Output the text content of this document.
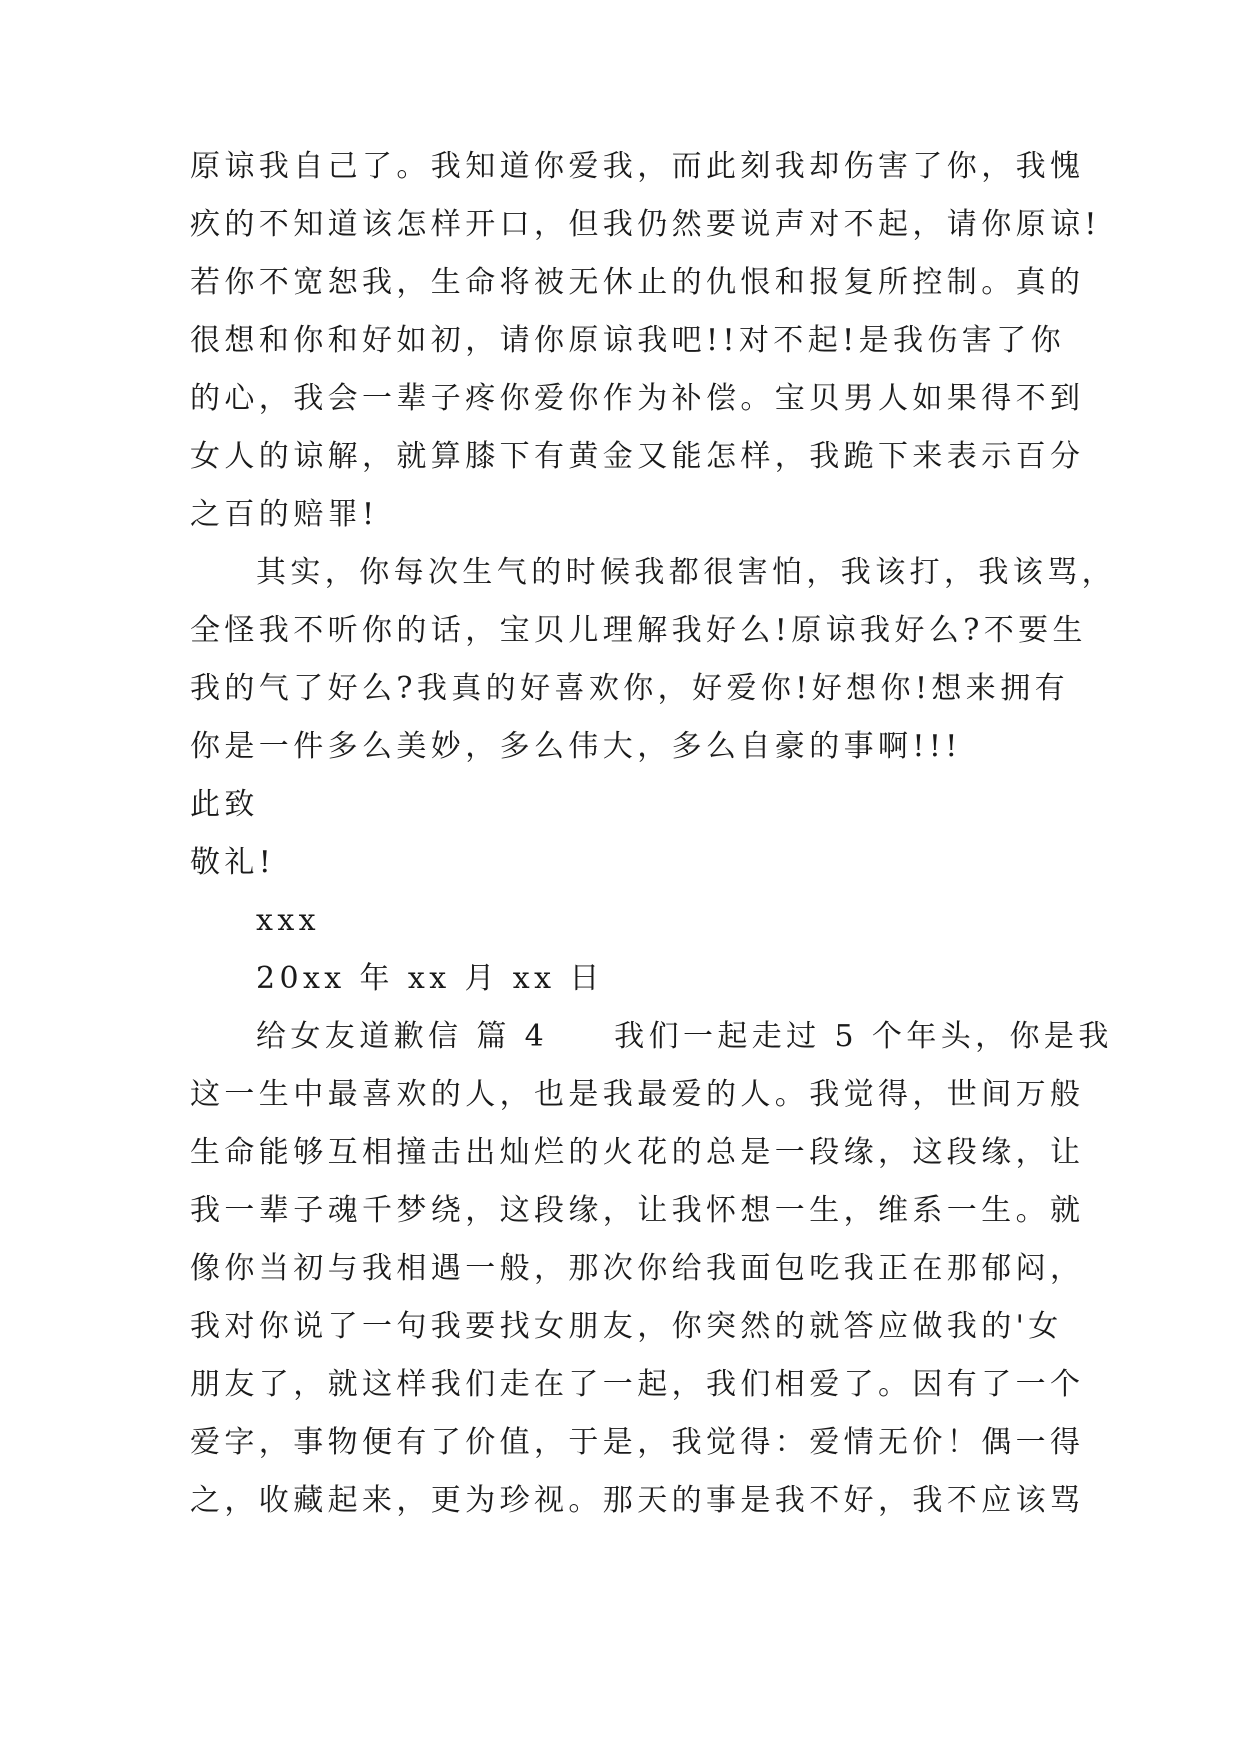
原谅我自己了。我知道你爱我，而此刻我却伤害了你，我愧
疚的不知道该怎样开口，但我仍然要说声对不起，请你原谅!
若你不宽恕我，生命将被无休止的仇恨和报复所控制。真的
很想和你和好如初，请你原谅我吧!!对不起!是我伤害了你
的心，我会一辈子疼你爱你作为补偿。宝贝男人如果得不到
女人的谅解，就算膝下有黄金又能怎样，我跪下来表示百分
之百的赔罪!
其实，你每次生气的时候我都很害怕，我该打，我该骂，
全怪我不听你的话，宝贝儿理解我好么!原谅我好么?不要生
我的气了好么?我真的好喜欢你，好爱你!好想你!想来拥有
你是一件多么美妙，多么伟大，多么自豪的事啊!!!
此致
敬礼!
xxx
20xx 年 xx 月 xx 日
给女友道歉信 篇 4 我们一起走过 5 个年头，你是我
这一生中最喜欢的人，也是我最爱的人。我觉得，世间万般
生命能够互相撞击出灿烂的火花的总是一段缘，这段缘，让
我一辈子魂千梦绕，这段缘，让我怀想一生，维系一生。就
像你当初与我相遇一般，那次你给我面包吃我正在那郁闷，
我对你说了一句我要找女朋友，你突然的就答应做我的'女
朋友了，就这样我们走在了一起，我们相爱了。因有了一个
爱字，事物便有了价值，于是，我觉得：爱情无价！偶一得
之，收藏起来，更为珍视。那天的事是我不好，我不应该骂
